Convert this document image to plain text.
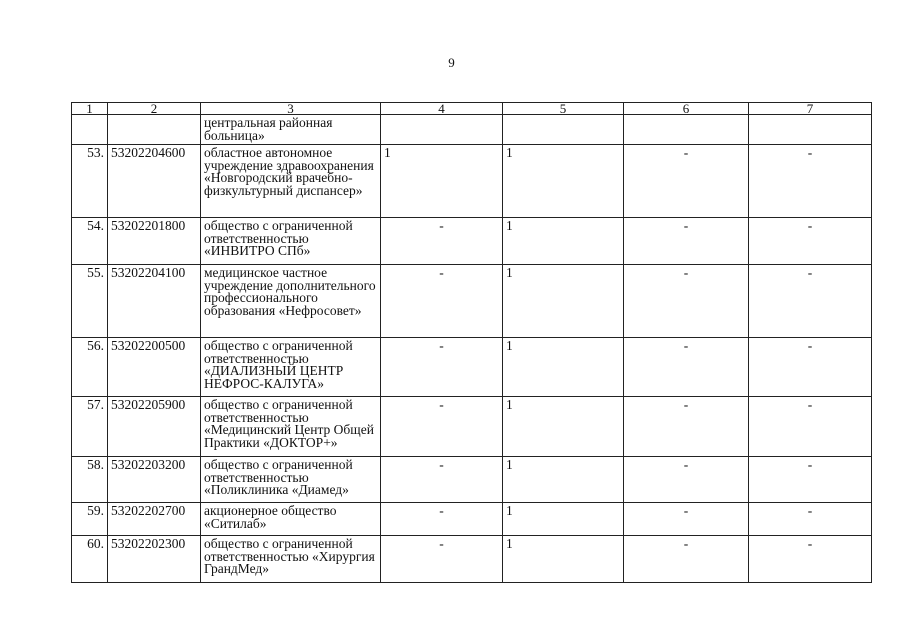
9
1	2	3	4	5	6	7
		центральная районная больница»				
53.	53202204600	областное автономное учреждение здравоохранения «Новгородский врачебно-физкультурный диспансер»	1	1	-	-
54.	53202201800	общество с ограниченной ответственностью «ИНВИТРО СПб»	-	1	-	-
55.	53202204100	медицинское частное учреждение дополнительного профессионального образования «Нефросовет»	-	1	-	-
56.	53202200500	общество с ограниченной ответственностью «ДИАЛИЗНЫЙ ЦЕНТР НЕФРОС-КАЛУГА»	-	1	-	-
57.	53202205900	общество с ограниченной ответственностью «Медицинский Центр Общей Практики «ДОКТОР+»	-	1	-	-
58.	53202203200	общество с ограниченной ответственностью «Поликлиника «Диамед»	-	1	-	-
59.	53202202700	акционерное общество «Ситилаб»	-	1	-	-
60.	53202202300	общество с ограниченной ответственностью «Хирургия ГрандМед»	-	1	-	-
